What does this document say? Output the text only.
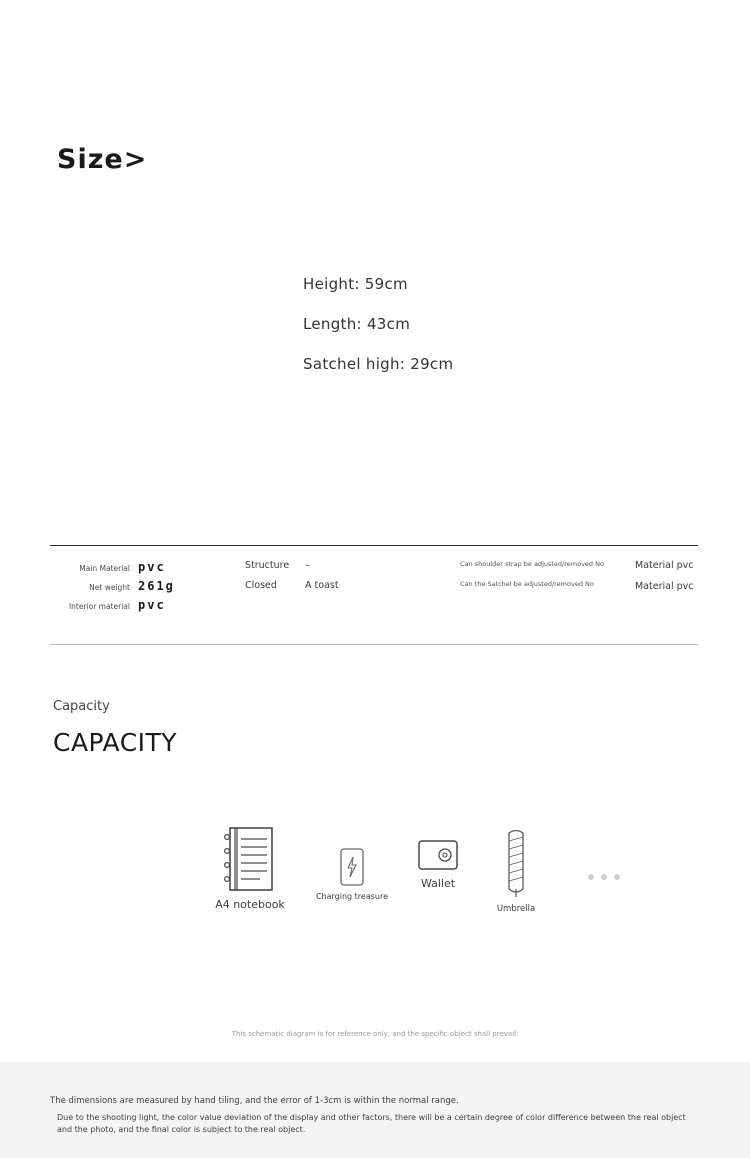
Size>
Height: 59cm
Length: 43cm
Satchel high: 29cm
Main Material pvc
Net weight 261g
Interior material pvc
Structure	–
Closed	A toast
Can shoulder strap be adjusted/removed No
Can the Satchel be adjusted/removed No
Material pvc
Material pvc
Capacity
CAPACITY
A4 notebook
Charging treasure
Wallet
Umbrella
This schematic diagram is for reference only, and the specific object shall prevail.
The dimensions are measured by hand tiling, and the error of 1-3cm is within the normal range.
Due to the shooting light, the color value deviation of the display and other factors, there will be a certain degree of color difference between the real object and the photo, and the final color is subject to the real object.
